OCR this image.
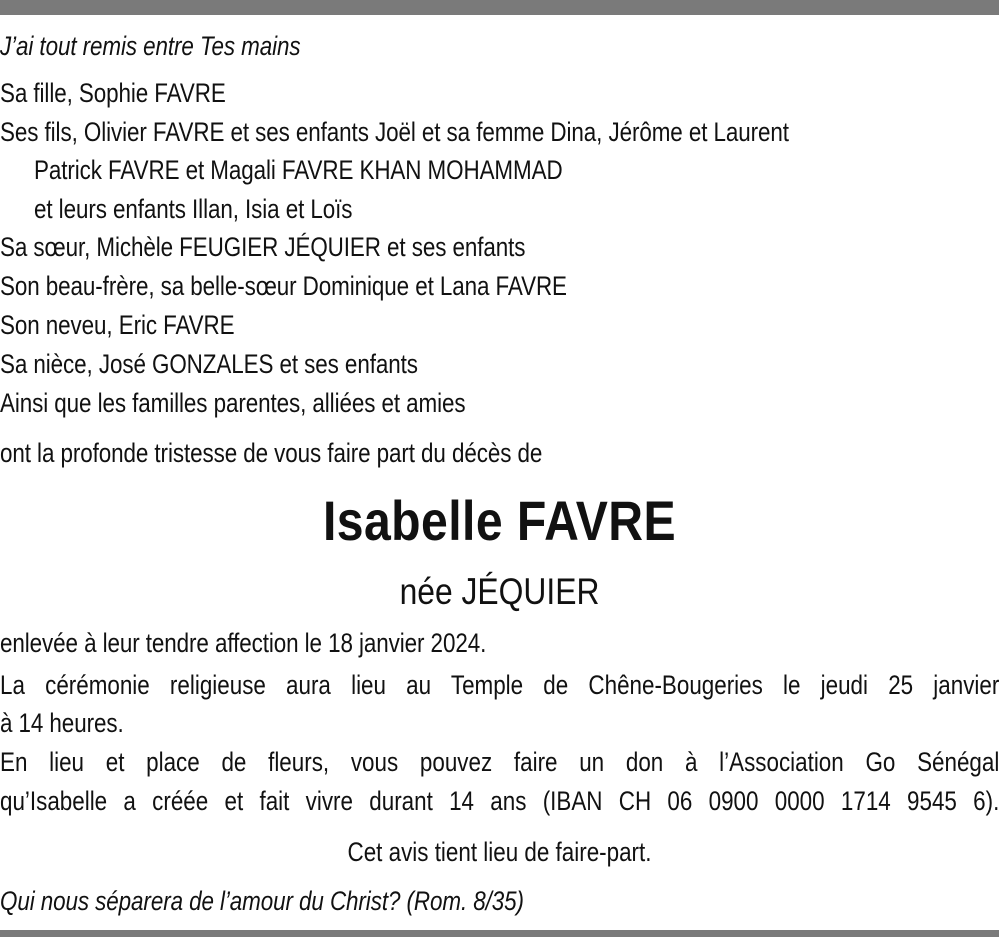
J’ai tout remis entre Tes mains
Sa fille, Sophie FAVRE
Ses fils, Olivier FAVRE et ses enfants Joël et sa femme Dina, Jérôme et Laurent
Patrick FAVRE et Magali FAVRE KHAN MOHAMMAD
et leurs enfants Illan, Isia et Loïs
Sa sœur, Michèle FEUGIER JÉQUIER et ses enfants
Son beau-frère, sa belle-sœur Dominique et Lana FAVRE
Son neveu, Eric FAVRE
Sa nièce, José GONZALES et ses enfants
Ainsi que les familles parentes, alliées et amies
ont la profonde tristesse de vous faire part du décès de
Isabelle FAVRE
née JÉQUIER
enlevée à leur tendre affection le 18 janvier 2024.
La cérémonie religieuse aura lieu au Temple de Chêne-Bougeries le jeudi 25 janvier
à 14 heures.
En lieu et place de fleurs, vous pouvez faire un don à l’Association Go Sénégal
qu’Isabelle a créée et fait vivre durant 14 ans (IBAN CH 06 0900 0000 1714 9545 6).
Cet avis tient lieu de faire-part.
Qui nous séparera de l’amour du Christ? (Rom. 8/35)
